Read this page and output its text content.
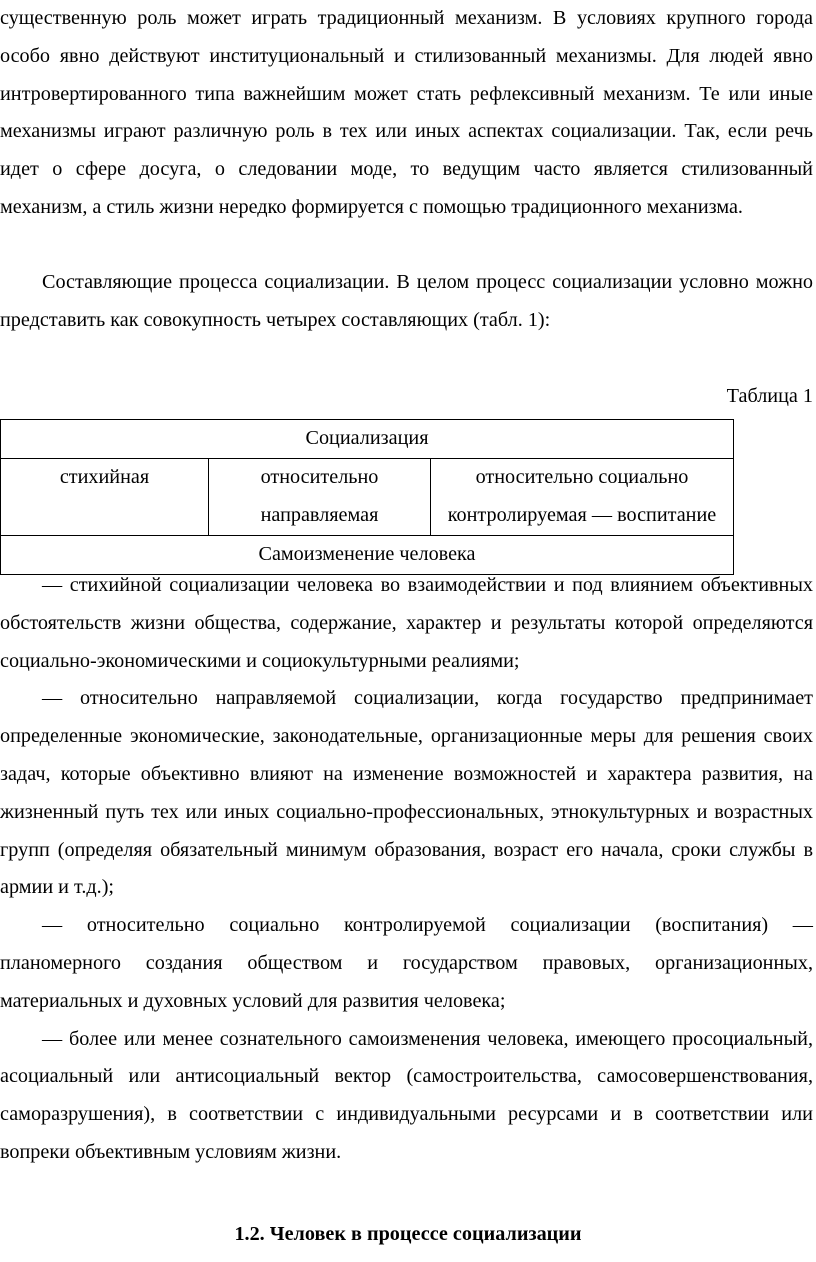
существенную роль может играть традиционный механизм. В условиях крупного города особо явно действуют институциональный и стилизованный механизмы. Для людей явно интровертированного типа важнейшим может стать рефлексивный механизм. Те или иные механизмы играют различную роль в тех или иных аспектах социализации. Так, если речь идет о сфере досуга, о следовании моде, то ведущим часто является стилизованный механизм, а стиль жизни нередко формируется с помощью традиционного механизма.

Составляющие процесса социализации. В целом процесс социализации условно можно представить как совокупность четырех составляющих (табл. 1):

Таблица 1

Социализация
стихийная	относительно направляемая	относительно социально контролируемая — воспитание
Самоизменение человека

— стихийной социализации человека во взаимодействии и под влиянием объективных обстоятельств жизни общества, содержание, характер и результаты которой определяются социально-экономическими и социокультурными реалиями;

— относительно направляемой социализации, когда государство предпринимает определенные экономические, законодательные, организационные меры для решения своих задач, которые объективно влияют на изменение возможностей и характера развития, на жизненный путь тех или иных социально-профессиональных, этнокультурных и возрастных групп (определяя обязательный минимум образования, возраст его начала, сроки службы в армии и т.д.);

— относительно социально контролируемой социализации (воспитания) — планомерного создания обществом и государством правовых, организационных, материальных и духовных условий для развития человека;

— более или менее сознательного самоизменения человека, имеющего просоциальный, асоциальный или антисоциальный вектор (самостроительства, самосовершенствования, саморазрушения), в соответствии с индивидуальными ресурсами и в соответствии или вопреки объективным условиям жизни.

1.2. Человек в процессе социализации
